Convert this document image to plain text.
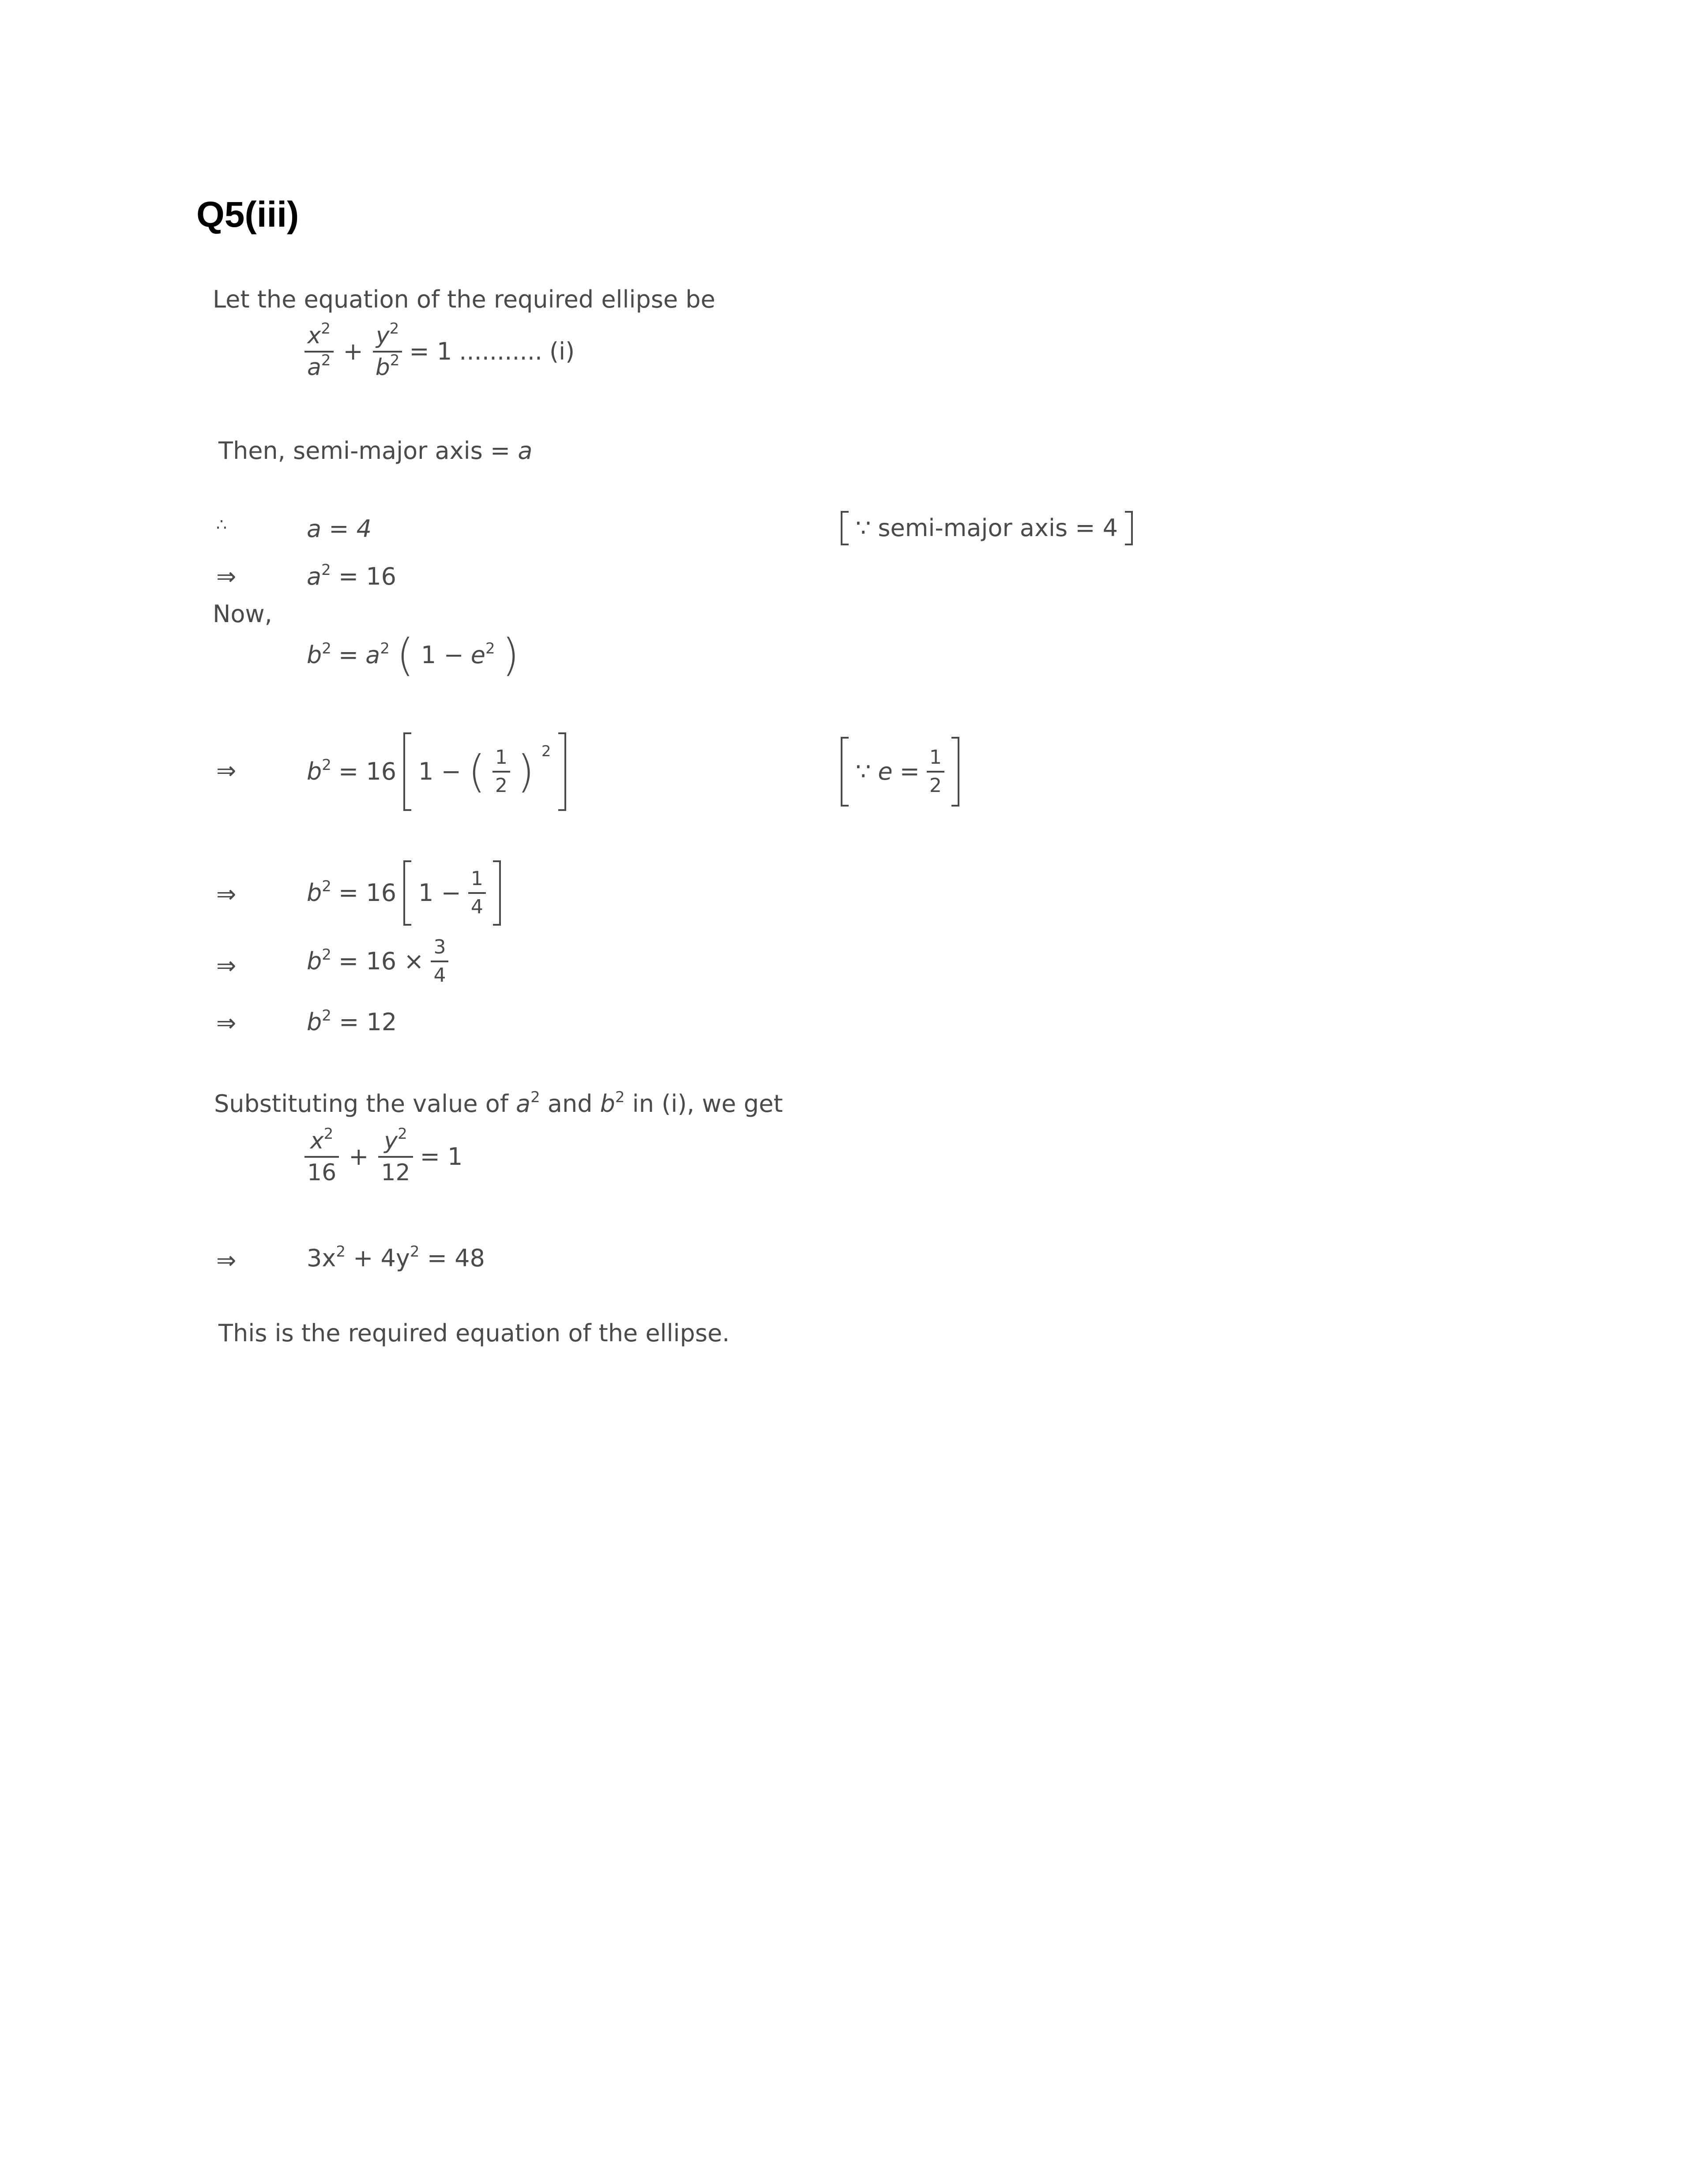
Q5(iii)
Let the equation of the required ellipse be
$\frac{x^2}{a^2} + \frac{y^2}{b^2} = 1$ ........... (i)
Then, semi-major axis = a
∴	a = 4	∵ semi-major axis = 4
⇒	$a^2 = 16$
Now,
$b^2 = a^2$ ( $1 - e^2$ )
⇒	$b^2 = 16$ 1 − ( $\frac{1}{2}$ ) 2
∵ $e = \frac{1}{2}$
⇒	$b^2 = 16$ $1 - \frac{1}{4}$
⇒	$b^2 = 16 \times \frac{3}{4}$
⇒	$b^2 = 12$
Substituting the value of $a^2$ and $b^2$ in (i), we get
$\frac{x^2}{16} + \frac{y^2}{12} = 1$
⇒	$3x^2 + 4y^2 = 48$
This is the required equation of the ellipse.
